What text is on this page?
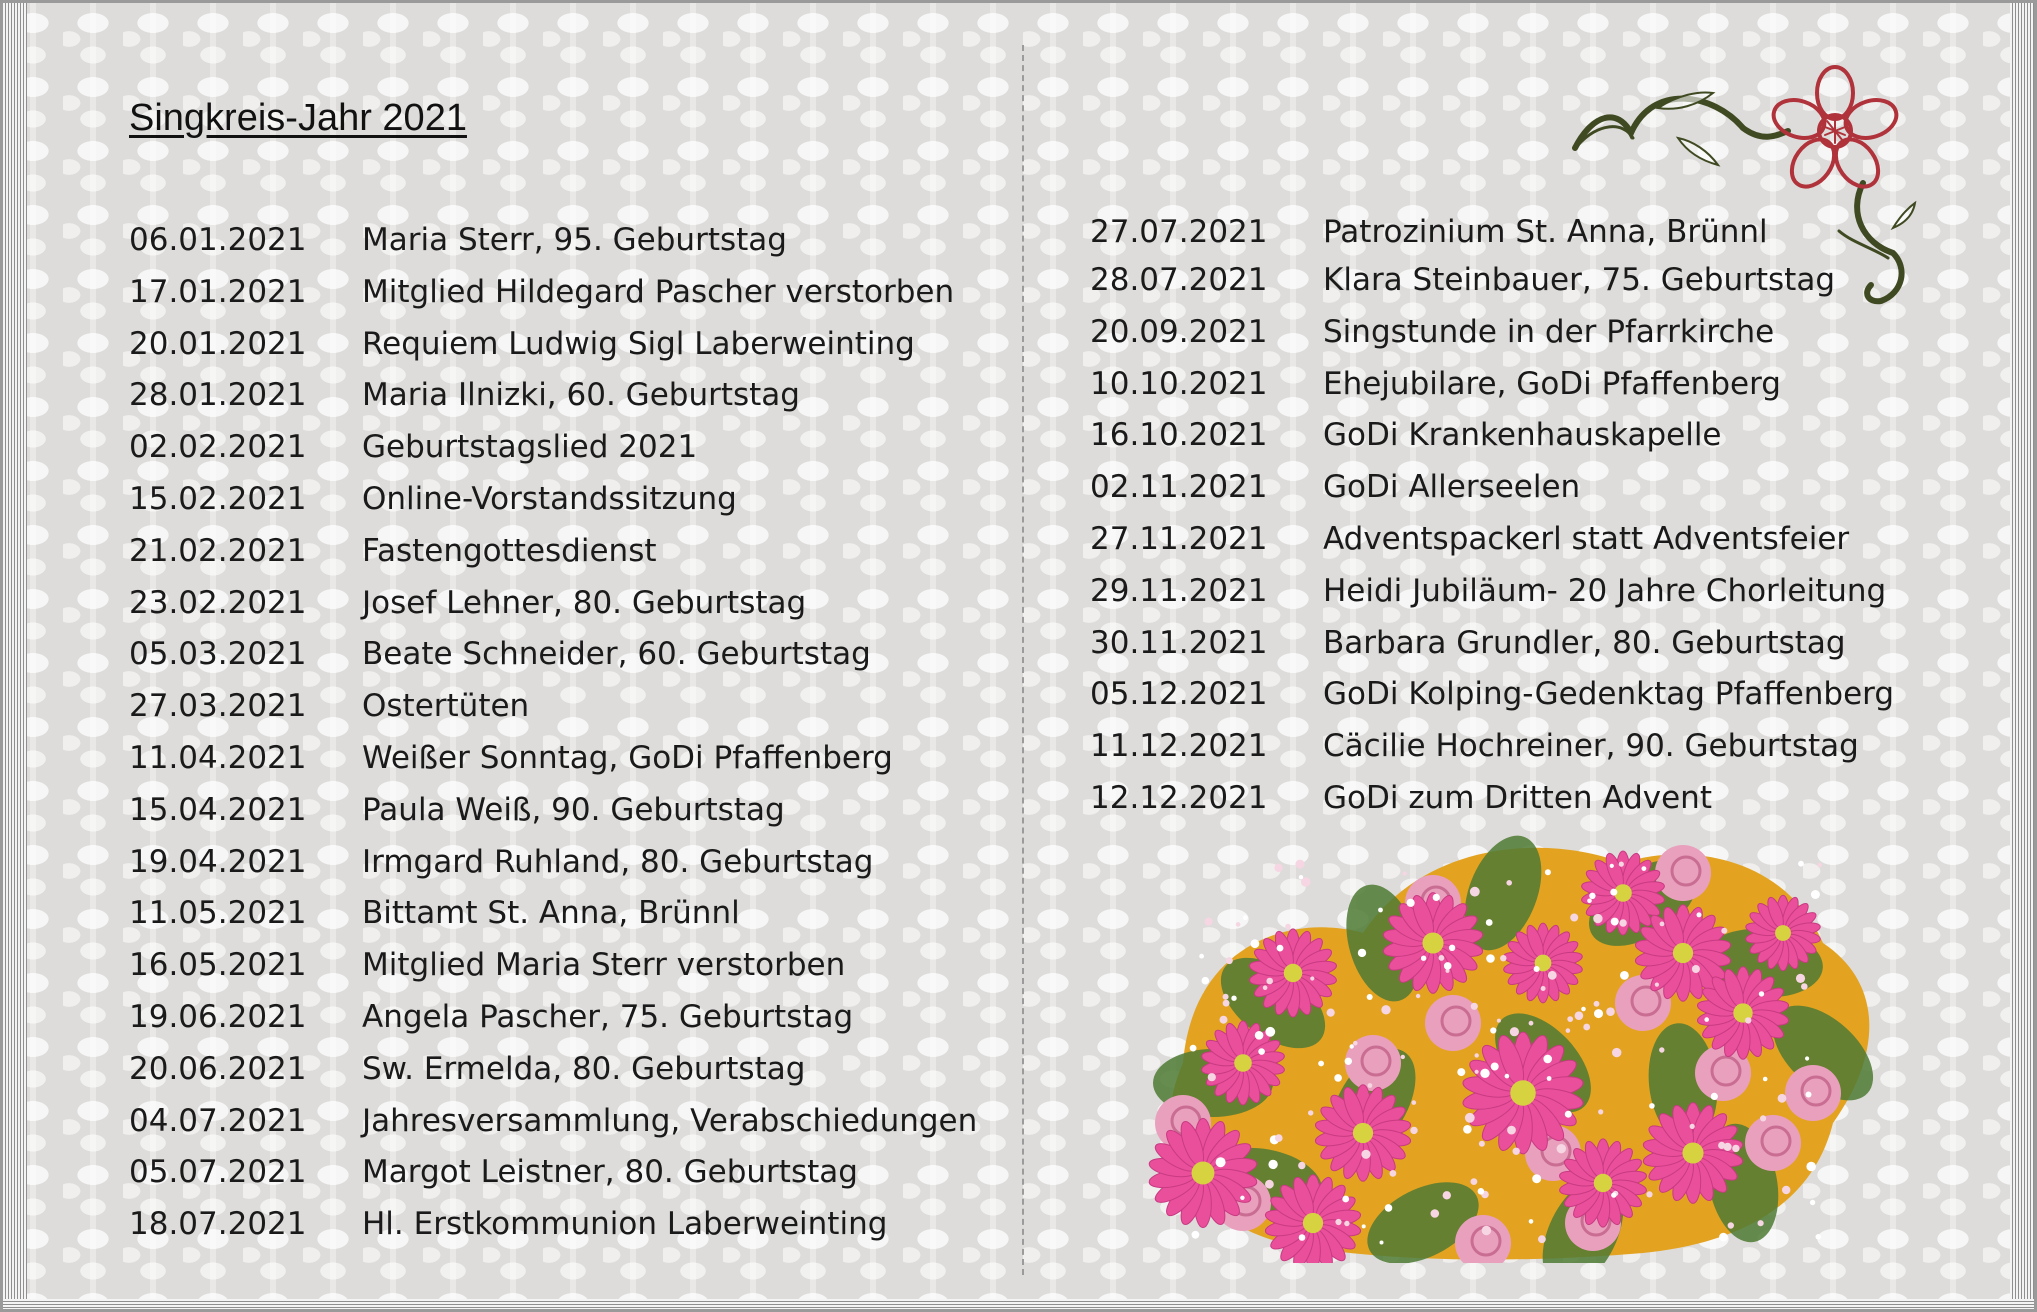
Singkreis-Jahr 2021
06.01.2021	Maria Sterr, 95. Geburtstag
17.01.2021	Mitglied Hildegard Pascher verstorben
20.01.2021	Requiem Ludwig Sigl Laberweinting
28.01.2021	Maria Ilnizki, 60. Geburtstag
02.02.2021	Geburtstagslied 2021
15.02.2021	Online-Vorstandssitzung
21.02.2021	Fastengottesdienst
23.02.2021	Josef Lehner, 80. Geburtstag
05.03.2021	Beate Schneider, 60. Geburtstag
27.03.2021	Ostertüten
11.04.2021	Weißer Sonntag, GoDi Pfaffenberg
15.04.2021	Paula Weiß, 90. Geburtstag
19.04.2021	Irmgard Ruhland, 80. Geburtstag
11.05.2021	Bittamt St. Anna, Brünnl
16.05.2021	Mitglied Maria Sterr verstorben
19.06.2021	Angela Pascher, 75. Geburtstag
20.06.2021	Sw. Ermelda, 80. Geburtstag
04.07.2021	Jahresversammlung, Verabschiedungen
05.07.2021	Margot Leistner, 80. Geburtstag
18.07.2021	Hl. Erstkommunion Laberweinting
27.07.2021	Patrozinium St. Anna, Brünnl
28.07.2021	Klara Steinbauer, 75. Geburtstag
20.09.2021	Singstunde in der Pfarrkirche
10.10.2021	Ehejubilare, GoDi Pfaffenberg
16.10.2021	GoDi Krankenhauskapelle
02.11.2021	GoDi Allerseelen
27.11.2021	Adventspackerl statt Adventsfeier
29.11.2021	Heidi Jubiläum- 20 Jahre Chorleitung
30.11.2021	Barbara Grundler, 80. Geburtstag
05.12.2021	GoDi Kolping-Gedenktag Pfaffenberg
11.12.2021	Cäcilie Hochreiner, 90. Geburtstag
12.12.2021	GoDi zum Dritten Advent
